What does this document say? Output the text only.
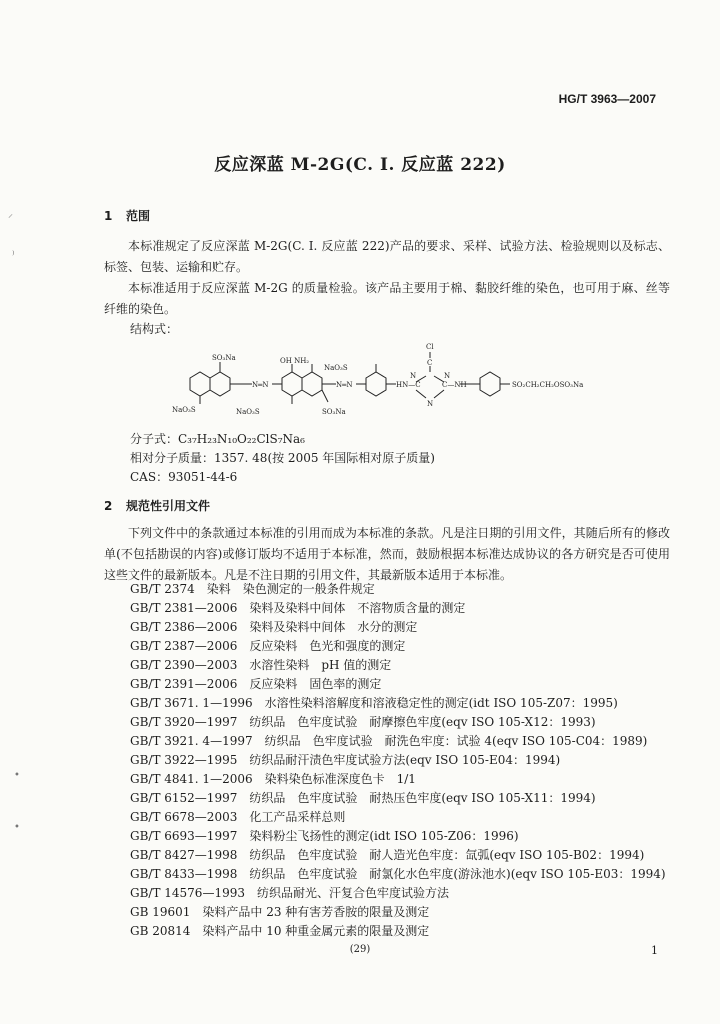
HG/T 3963—2007
反应深蓝 M-2G(C. I. 反应蓝 222)
⸝
⁾
•
•
1 范围
本标准规定了反应深蓝 M-2G(C. I. 反应蓝 222)产品的要求、采样、试验方法、检验规则以及标志、标签、包装、运输和贮存。
本标准适用于反应深蓝 M-2G 的质量检验。该产品主要用于棉、黏胶纤维的染色，也可用于麻、丝等纤维的染色。
结构式：
SO₃Na
NaO₃S
OH NH₂
NaO₃S
NaO₃S	SO₃Na
N═N	N═N
Cl
C
N	N
HN—C	C—NH
N
SO₂CH₂CH₂OSO₃Na
分子式：C₃₇H₂₃N₁₀O₂₂ClS₇Na₆
相对分子质量：1357. 48(按 2005 年国际相对原子质量)
CAS：93051-44-6
2 规范性引用文件
下列文件中的条款通过本标准的引用而成为本标准的条款。凡是注日期的引用文件，其随后所有的修改单(不包括勘误的内容)或修订版均不适用于本标准，然而，鼓励根据本标准达成协议的各方研究是否可使用这些文件的最新版本。凡是不注日期的引用文件，其最新版本适用于本标准。
GB/T 2374　染料　染色测定的一般条件规定
GB/T 2381—2006　染料及染料中间体　不溶物质含量的测定
GB/T 2386—2006　染料及染料中间体　水分的测定
GB/T 2387—2006　反应染料　色光和强度的测定
GB/T 2390—2003　水溶性染料　pH 值的测定
GB/T 2391—2006　反应染料　固色率的测定
GB/T 3671. 1—1996　水溶性染料溶解度和溶液稳定性的测定(idt ISO 105-Z07：1995)
GB/T 3920—1997　纺织品　色牢度试验　耐摩擦色牢度(eqv ISO 105-X12：1993)
GB/T 3921. 4—1997　纺织品　色牢度试验　耐洗色牢度：试验 4(eqv ISO 105-C04：1989)
GB/T 3922—1995　纺织品耐汗渍色牢度试验方法(eqv ISO 105-E04：1994)
GB/T 4841. 1—2006　染料染色标准深度色卡　1/1
GB/T 6152—1997　纺织品　色牢度试验　耐热压色牢度(eqv ISO 105-X11：1994)
GB/T 6678—2003　化工产品采样总则
GB/T 6693—1997　染料粉尘飞扬性的测定(idt ISO 105-Z06：1996)
GB/T 8427—1998　纺织品　色牢度试验　耐人造光色牢度：氙弧(eqv ISO 105-B02：1994)
GB/T 8433—1998　纺织品　色牢度试验　耐氯化水色牢度(游泳池水)(eqv ISO 105-E03：1994)
GB/T 14576—1993　纺织品耐光、汗复合色牢度试验方法
GB 19601　染料产品中 23 种有害芳香胺的限量及测定
GB 20814　染料产品中 10 种重金属元素的限量及测定
(29)	1
